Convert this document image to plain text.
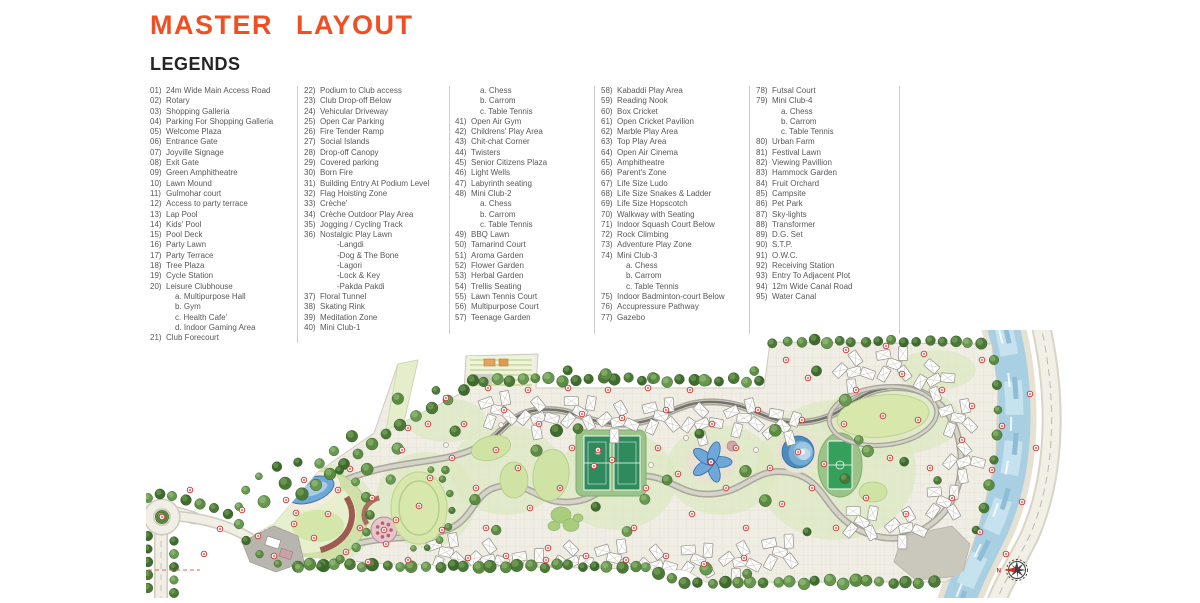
MASTER LAYOUT
LEGENDS
01) 24m Wide Main Access Road
02) Rotary
03) Shopping Galleria
04) Parking For Shopping Galleria
05) Welcome Plaza
06) Entrance Gate
07) Joyville Signage
08) Exit Gate
09) Green Amphitheatre
10) Lawn Mound
11) Gulmohar court
12) Access to party terrace
13) Lap Pool
14) Kids' Pool
15) Pool Deck
16) Party Lawn
17) Party Terrace
18) Tree Plaza
19) Cycle Station
20) Leisure Clubhouse
a. Multipurpose Hall
b. Gym
c. Health Cafe'
d. Indoor Gaming Area
21) Club Forecourt
22) Podium to Club access
23) Club Drop-off Below
24) Vehicular Driveway
25) Open Car Parking
26) Fire Tender Ramp
27) Social Islands
28) Drop-off Canopy
29) Covered parking
30) Born Fire
31) Building Entry At Podium Level
32) Flag Hoisting Zone
33) Crèche'
34) Crèche Outdoor Play Area
35) Jogging / Cycling Track
36) Nostalgic Play Lawn
-Langdi
-Dog & The Bone
-Lagori
-Lock & Key
-Pakda Pakdi
37) Floral Tunnel
38) Skating Rink
39) Meditation Zone
40) Mini Club-1
a. Chess
b. Carrom
c. Table Tennis
41) Open Air Gym
42) Childrens' Play Area
43) Chit-chat Corner
44) Twisters
45) Senior Citizens Plaza
46) Light Wells
47) Labyrinth seating
48) Mini Club-2
a. Chess
b. Carrom
c. Table Tennis
49) BBQ Lawn
50) Tamarind Court
51) Aroma Garden
52) Flower Garden
53) Herbal Garden
54) Trellis Seating
55) Lawn Tennis Court
56) Multipurpose Court
57) Teenage Garden
58) Kabaddi Play Area
59) Reading Nook
60) Box Cricket
61) Open Cricket Pavilion
62) Marble Play Area
63) Top Play Area
64) Open Air Cinema
65) Amphitheatre
66) Parent's Zone
67) Life Size Ludo
68) Life Size Snakes & Ladder
69) Life Size Hopscotch
70) Walkway with Seating
71) Indoor Squash Court Below
72) Rock Climbing
73) Adventure Play Zone
74) Mini Club-3
a. Chess
b. Carrom
c. Table Tennis
75) Indoor Badminton-court Below
76) Accupressure Pathway
77) Gazebo
78) Futsal Court
79) Mini Club-4
a. Chess
b. Carrom
c. Table Tennis
80) Urban Farm
81) Festival Lawn
82) Viewing Pavillion
83) Hammock Garden
84) Fruit Orchard
85) Campsite
86) Pet Park
87) Sky-lights
88) Transformer
89) D.G. Set
90) S.T.P.
91) O.W.C.
92) Receiving Station
93) Entry To Adjacent Plot
94) 12m Wide Canal Road
95) Water Canal
N
